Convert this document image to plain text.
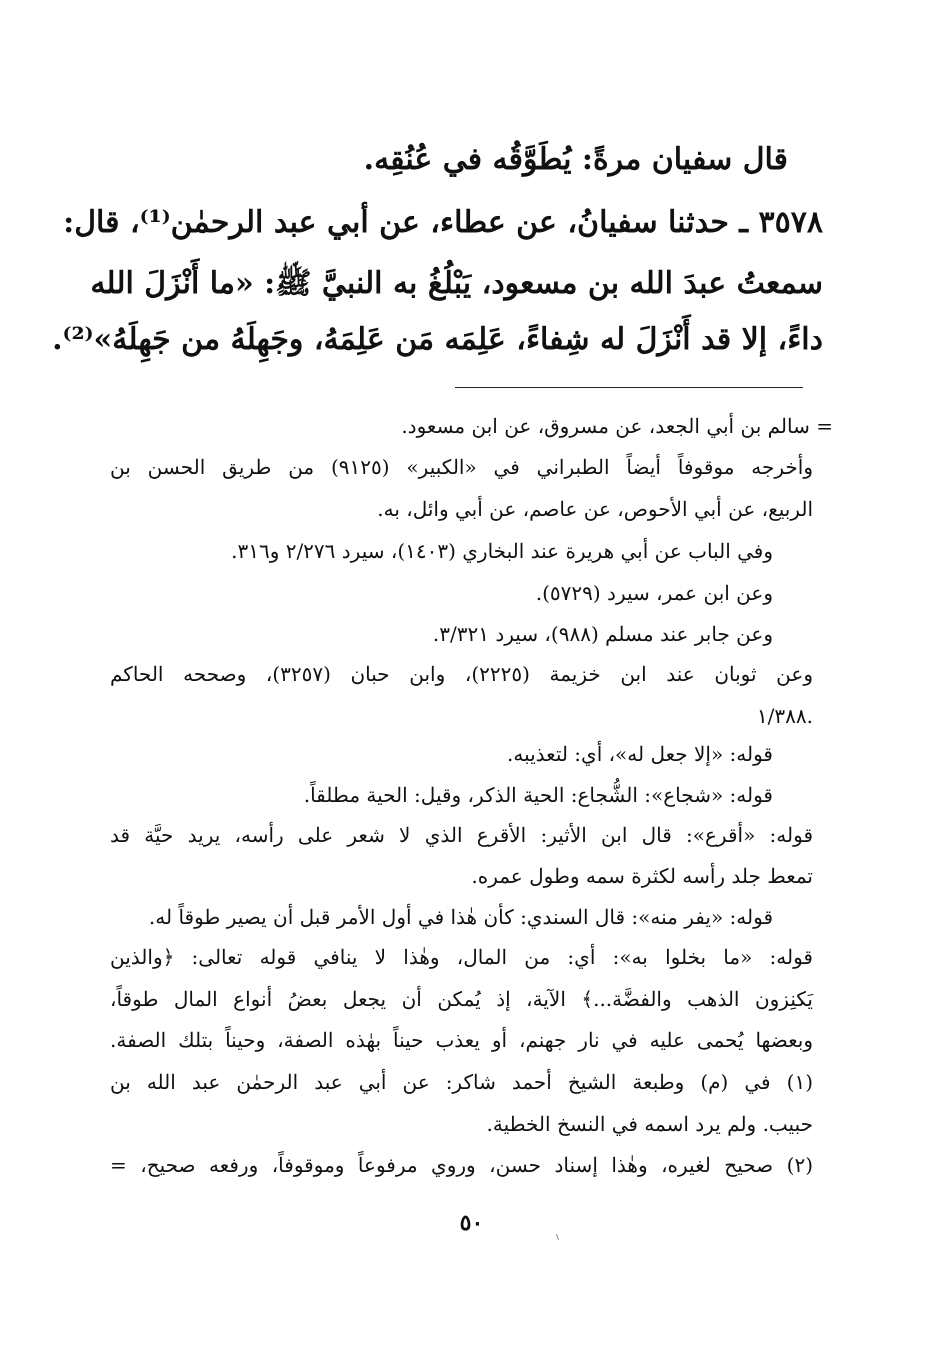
قال سفيان مرةً: يُطَوَّقُه في عُنُقِه.
٣٥٧٨ ـ حدثنا سفيانُ، عن عطاء، عن أبي عبد الرحمٰن⁽¹⁾، قال:
سمعتُ عبدَ الله بن مسعود، يَبْلُغُ به النبيَّ ﷺ: «ما أَنْزَلَ الله
داءً، إلا قد أَنْزَلَ له شِفاءً، عَلِمَه مَن عَلِمَهُ، وجَهِلَهُ من جَهِلَهُ»⁽²⁾.
= سالم بن أبي الجعد، عن مسروق، عن ابن مسعود.
وأخرجه موقوفاً أيضاً الطبراني في «الكبير» (٩١٢٥) من طريق الحسن بن
الربيع، عن أبي الأحوص، عن عاصم، عن أبي وائل، به.
وفي الباب عن أبي هريرة عند البخاري (١٤٠٣)، سيرد ٢/٢٧٦ و٣١٦.
وعن ابن عمر، سيرد (٥٧٢٩).
وعن جابر عند مسلم (٩٨٨)، سيرد ٣/٣٢١.
وعن ثوبان عند ابن خزيمة (٢٢٢٥)، وابن حبان (٣٢٥٧)، وصححه الحاكم
١/٣٨٨.
قوله: «إلا جعل له»، أي: لتعذيبه.
قوله: «شجاع»: الشُّجاع: الحية الذكر، وقيل: الحية مطلقاً.
قوله: «أقرع»: قال ابن الأثير: الأقرع الذي لا شعر على رأسه، يريد حيَّة قد
تمعط جلد رأسه لكثرة سمه وطول عمره.
قوله: «يفر منه»: قال السندي: كأن هٰذا في أول الأمر قبل أن يصير طوقاً له.
قوله: «ما بخلوا به»: أي: من المال، وهٰذا لا ينافي قوله تعالى: ﴿والذين
يَكنِزون الذهب والفضَّة...﴾ الآية، إذ يُمكن أن يجعل بعضُ أنواع المال طوقاً،
وبعضها يُحمى عليه في نار جهنم، أو يعذب حيناً بهٰذه الصفة، وحيناً بتلك الصفة.
(١) في (م) وطبعة الشيخ أحمد شاكر: عن أبي عبد الرحمٰن عبد الله بن
حبيب. ولم يرد اسمه في النسخ الخطية.
(٢) صحيح لغيره، وهٰذا إسناد حسن، وروي مرفوعاً وموقوفاً، ورفعه صحيح، =
٥٠
